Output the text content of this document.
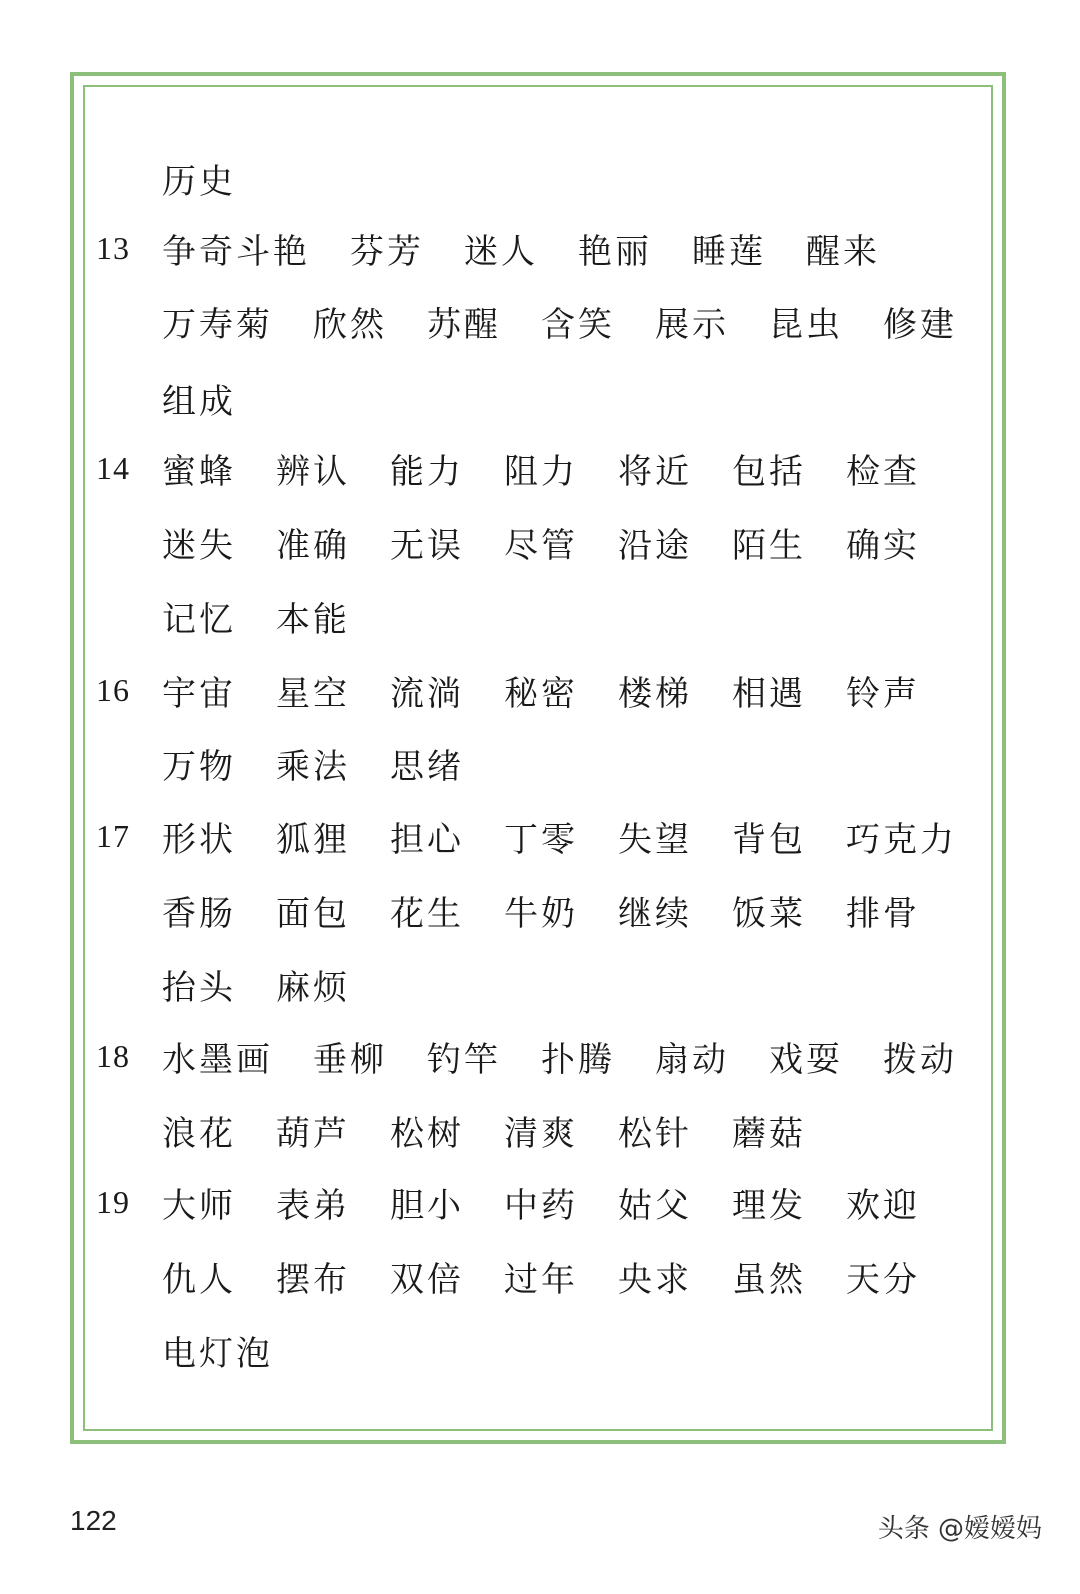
历史
13 争奇斗艳 芬芳 迷人 艳丽 睡莲 醒来
万寿菊 欣然 苏醒 含笑 展示 昆虫 修建
组成
14 蜜蜂 辨认 能力 阻力 将近 包括 检查
迷失 准确 无误 尽管 沿途 陌生 确实
记忆 本能
16 宇宙 星空 流淌 秘密 楼梯 相遇 铃声
万物 乘法 思绪
17 形状 狐狸 担心 丁零 失望 背包 巧克力
香肠 面包 花生 牛奶 继续 饭菜 排骨
抬头 麻烦
18 水墨画 垂柳 钓竿 扑腾 扇动 戏耍 拨动
浪花 葫芦 松树 清爽 松针 蘑菇
19 大师 表弟 胆小 中药 姑父 理发 欢迎
仇人 摆布 双倍 过年 央求 虽然 天分
电灯泡
122	头条 @嫒嫒妈
